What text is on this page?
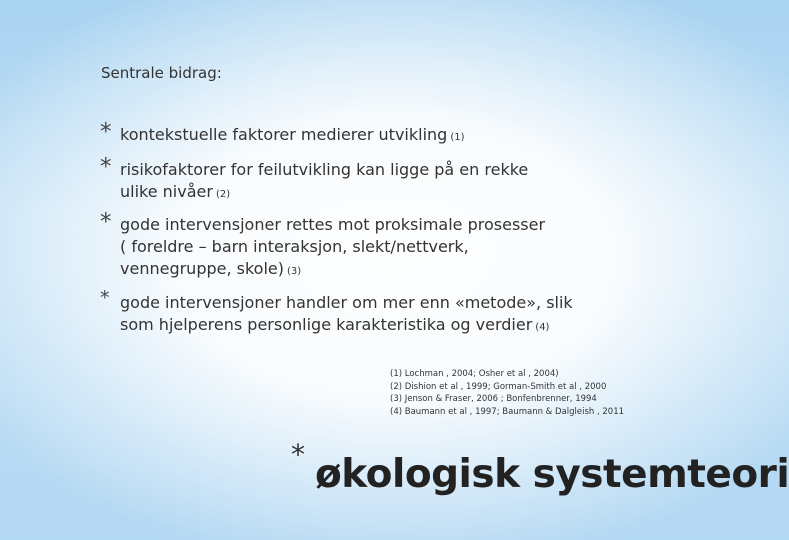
Sentrale bidrag:
* kontekstuelle faktorer medierer utvikling (1)
* risikofaktorer for feilutvikling kan ligge på en rekke
ulike nivåer (2)
* gode intervensjoner rettes mot proksimale prosesser
( foreldre – barn interaksjon, slekt/nettverk,
vennegruppe, skole) (3)
* gode intervensjoner handler om mer enn «metode», slik
som hjelperens personlige karakteristika og verdier (4)
(1) Lochman , 2004; Osher et al , 2004)
(2) Dishion et al , 1999; Gorman-Smith et al , 2000
(3) Jenson & Fraser, 2006 ; Bonfenbrenner, 1994
(4) Baumann et al , 1997; Baumann & Dalgleish , 2011
* økologisk systemteori
